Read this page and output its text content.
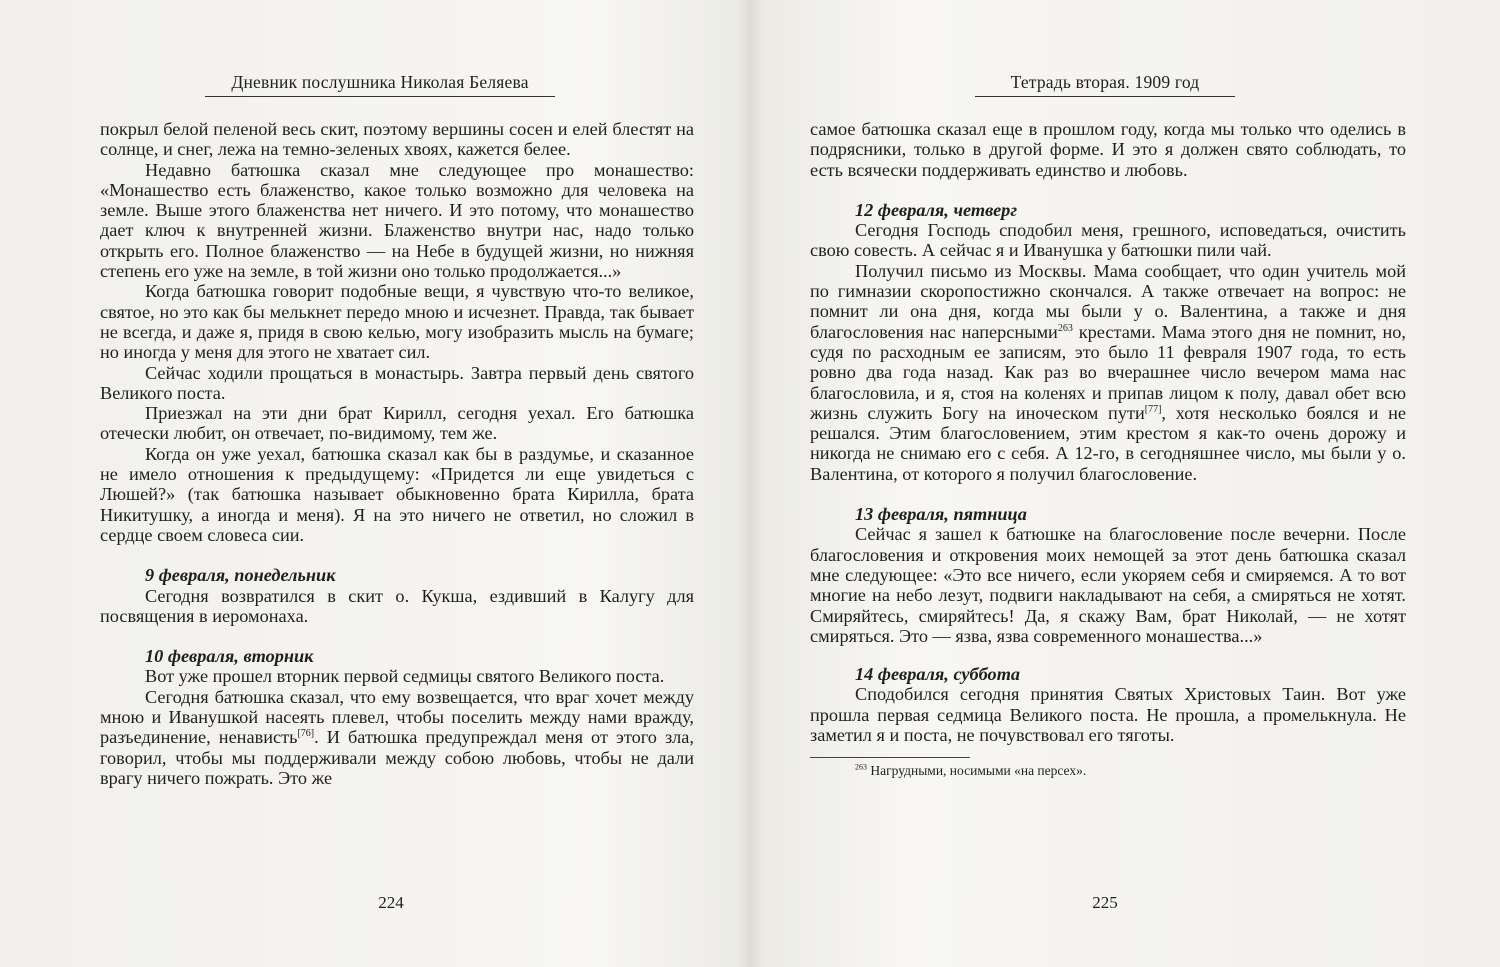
Дневник послушника Николая Беляева

покрыл белой пеленой весь скит, поэтому вершины сосен и елей блестят на солнце, и снег, лежа на темно-зеленых хвоях, кажется белее.

Недавно батюшка сказал мне следующее про монашество: «Монашество есть блаженство, какое только возможно для человека на земле. Выше этого блаженства нет ничего. И это потому, что монашество дает ключ к внутренней жизни. Блаженство внутри нас, надо только открыть его. Полное блаженство — на Небе в будущей жизни, но нижняя степень его уже на земле, в той жизни оно только продолжается...»

Когда батюшка говорит подобные вещи, я чувствую что-то великое, святое, но это как бы мелькнет передо мною и исчезнет. Правда, так бывает не всегда, и даже я, придя в свою келью, могу изобразить мысль на бумаге; но иногда у меня для этого не хватает сил.

Сейчас ходили прощаться в монастырь. Завтра первый день святого Великого поста.

Приезжал на эти дни брат Кирилл, сегодня уехал. Его батюшка отечески любит, он отвечает, по-видимому, тем же.

Когда он уже уехал, батюшка сказал как бы в раздумье, и сказанное не имело отношения к предыдущему: «Придется ли еще увидеться с Люшей?» (так батюшка называет обыкновенно брата Кирилла, брата Никитушку, а иногда и меня). Я на это ничего не ответил, но сложил в сердце своем словеса сии.

9 февраля, понедельник

Сегодня возвратился в скит о. Кукша, ездивший в Калугу для посвящения в иеромонаха.

10 февраля, вторник

Вот уже прошел вторник первой седмицы святого Великого поста.

Сегодня батюшка сказал, что ему возвещается, что враг хочет между мною и Иванушкой насеять плевел, чтобы поселить между нами вражду, разъединение, ненависть[76]. И батюшка предупреждал меня от этого зла, говорил, чтобы мы поддерживали между собою любовь, чтобы не дали врагу ничего пожрать. Это же

224
Тетрадь вторая. 1909 год

самое батюшка сказал еще в прошлом году, когда мы только что оделись в подрясники, только в другой форме. И это я должен свято соблюдать, то есть всячески поддерживать единство и любовь.

12 февраля, четверг

Сегодня Господь сподобил меня, грешного, исповедаться, очистить свою совесть. А сейчас я и Иванушка у батюшки пили чай.

Получил письмо из Москвы. Мама сообщает, что один учитель мой по гимназии скоропостижно скончался. А также отвечает на вопрос: не помнит ли она дня, когда мы были у о. Валентина, а также и дня благословения нас наперсными$^{263}$ крестами. Мама этого дня не помнит, но, судя по расходным ее записям, это было 11 февраля 1907 года, то есть ровно два года назад. Как раз во вчерашнее число вечером мама нас благословила, и я, стоя на коленях и припав лицом к полу, давал обет всю жизнь служить Богу на иноческом пути[77], хотя несколько боялся и не решался. Этим благословением, этим крестом я как-то очень дорожу и никогда не снимаю его с себя. А 12-го, в сегодняшнее число, мы были у о. Валентина, от которого я получил благословение.

13 февраля, пятница

Сейчас я зашел к батюшке на благословение после вечерни. После благословения и откровения моих немощей за этот день батюшка сказал мне следующее: «Это все ничего, если укоряем себя и смиряемся. А то вот многие на небо лезут, подвиги накладывают на себя, а смиряться не хотят. Смиряйтесь, смиряйтесь! Да, я скажу Вам, брат Николай, — не хотят смиряться. Это — язва, язва современного монашества...»

14 февраля, суббота

Сподобился сегодня принятия Святых Христовых Таин. Вот уже прошла первая седмица Великого поста. Не прошла, а промелькнула. Не заметил я и поста, не почувствовал его тяготы.

$^{263}$ Нагрудными, носимыми «на персех».

225
